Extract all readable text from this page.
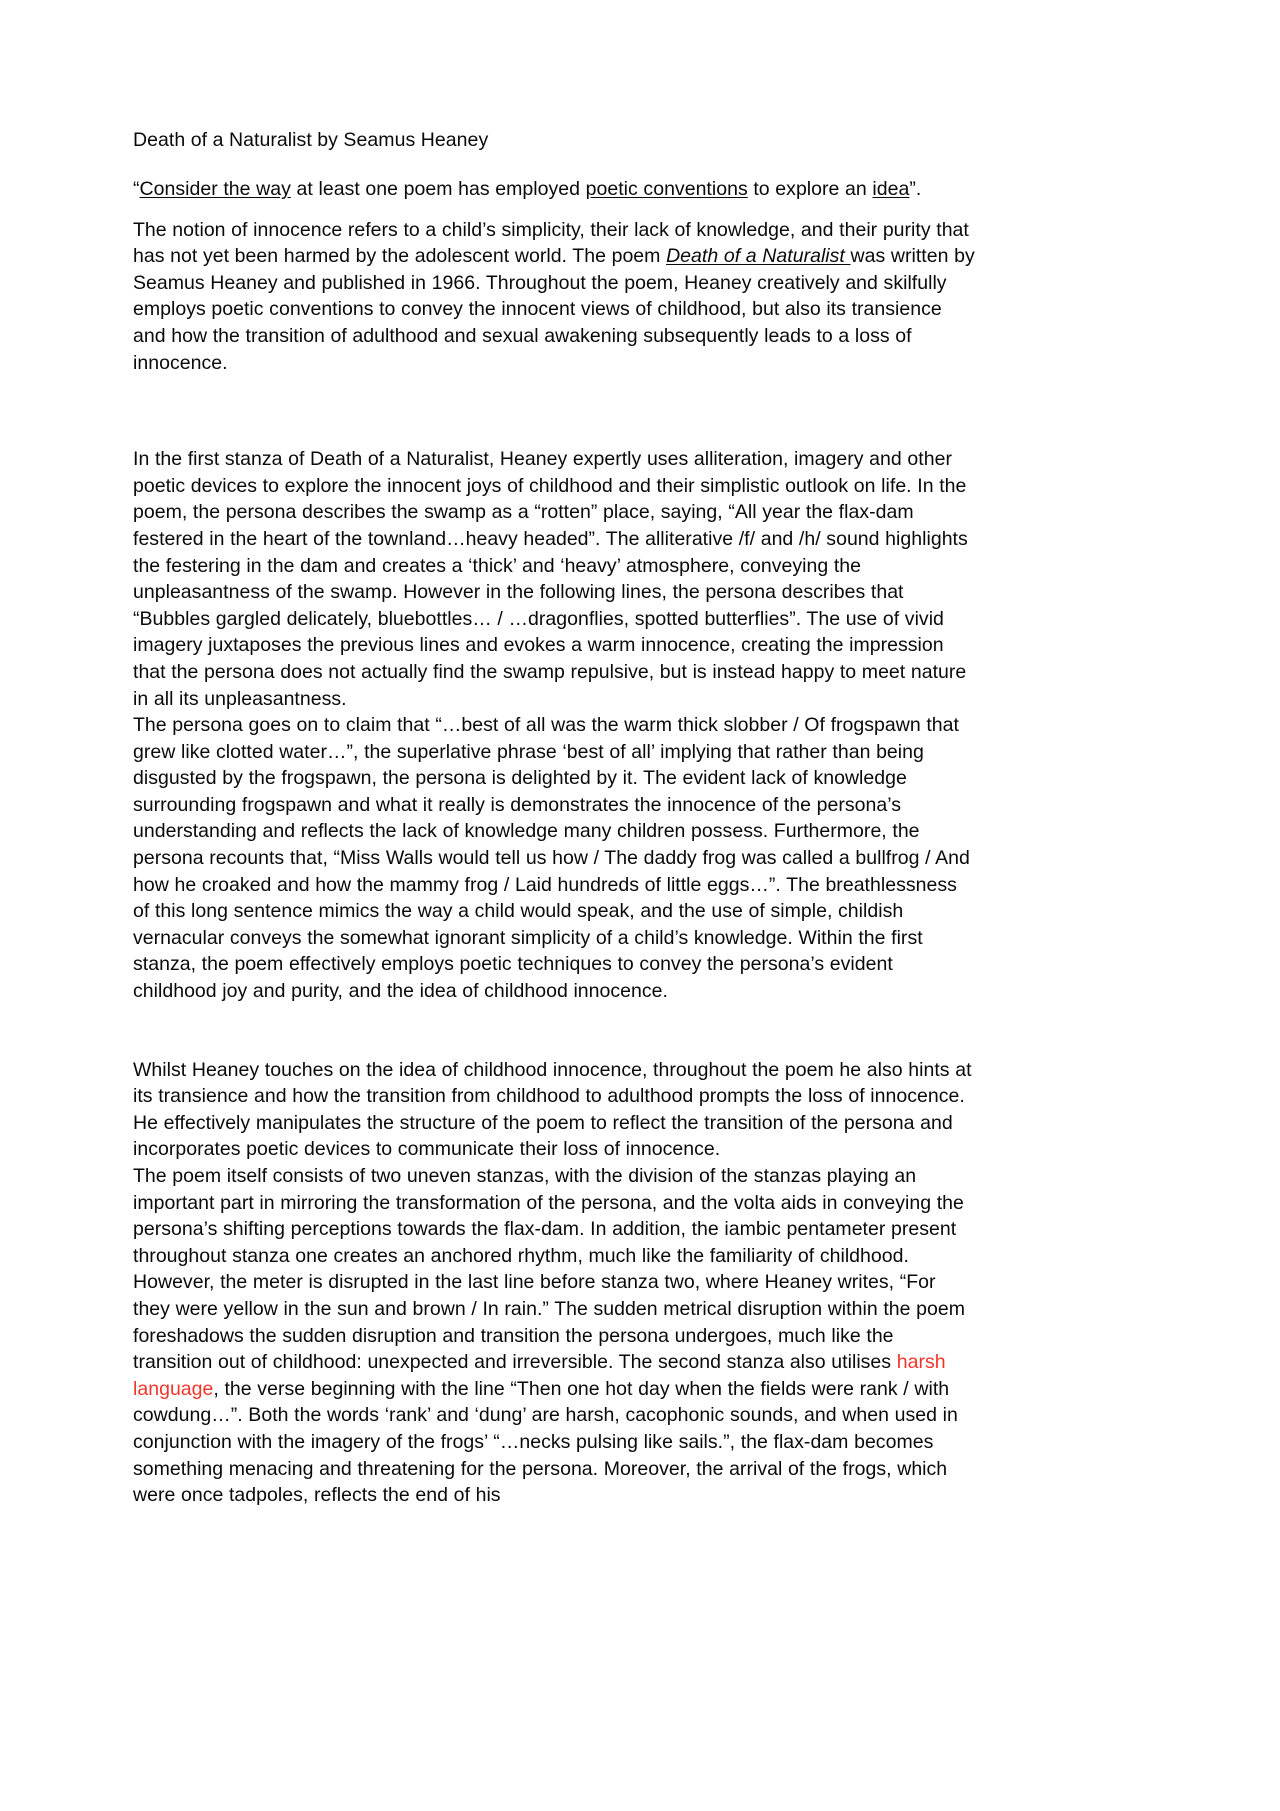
Death of a Naturalist by Seamus Heaney

“Consider the way at least one poem has employed poetic conventions to explore an idea”.

The notion of innocence refers to a child’s simplicity, their lack of knowledge, and their purity that has not yet been harmed by the adolescent world. The poem Death of a Naturalist was written by Seamus Heaney and published in 1966. Throughout the poem, Heaney creatively and skilfully employs poetic conventions to convey the innocent views of childhood, but also its transience and how the transition of adulthood and sexual awakening subsequently leads to a loss of innocence.

In the first stanza of Death of a Naturalist, Heaney expertly uses alliteration, imagery and other poetic devices to explore the innocent joys of childhood and their simplistic outlook on life. In the poem, the persona describes the swamp as a “rotten” place, saying, “All year the flax-dam festered in the heart of the townland…heavy headed”. The alliterative /f/ and /h/ sound highlights the festering in the dam and creates a ‘thick’ and ‘heavy’ atmosphere, conveying the unpleasantness of the swamp. However in the following lines, the persona describes that “Bubbles gargled delicately, bluebottles… / …dragonflies, spotted butterflies”. The use of vivid imagery juxtaposes the previous lines and evokes a warm innocence, creating the impression that the persona does not actually find the swamp repulsive, but is instead happy to meet nature in all its unpleasantness.

The persona goes on to claim that “…best of all was the warm thick slobber / Of frogspawn that grew like clotted water…”, the superlative phrase ‘best of all’ implying that rather than being disgusted by the frogspawn, the persona is delighted by it. The evident lack of knowledge surrounding frogspawn and what it really is demonstrates the innocence of the persona’s understanding and reflects the lack of knowledge many children possess. Furthermore, the persona recounts that, “Miss Walls would tell us how / The daddy frog was called a bullfrog / And how he croaked and how the mammy frog / Laid hundreds of little eggs…”. The breathlessness of this long sentence mimics the way a child would speak, and the use of simple, childish vernacular conveys the somewhat ignorant simplicity of a child’s knowledge. Within the first stanza, the poem effectively employs poetic techniques to convey the persona’s evident childhood joy and purity, and the idea of childhood innocence.

Whilst Heaney touches on the idea of childhood innocence, throughout the poem he also hints at its transience and how the transition from childhood to adulthood prompts the loss of innocence. He effectively manipulates the structure of the poem to reflect the transition of the persona and incorporates poetic devices to communicate their loss of innocence.

The poem itself consists of two uneven stanzas, with the division of the stanzas playing an important part in mirroring the transformation of the persona, and the volta aids in conveying the persona’s shifting perceptions towards the flax-dam. In addition, the iambic pentameter present throughout stanza one creates an anchored rhythm, much like the familiarity of childhood. However, the meter is disrupted in the last line before stanza two, where Heaney writes, “For they were yellow in the sun and brown / In rain.” The sudden metrical disruption within the poem foreshadows the sudden disruption and transition the persona undergoes, much like the transition out of childhood: unexpected and irreversible. The second stanza also utilises harsh language, the verse beginning with the line “Then one hot day when the fields were rank / with cowdung…”. Both the words ‘rank’ and ‘dung’ are harsh, cacophonic sounds, and when used in conjunction with the imagery of the frogs’ “…necks pulsing like sails.”, the flax-dam becomes something menacing and threatening for the persona. Moreover, the arrival of the frogs, which were once tadpoles, reflects the end of his
